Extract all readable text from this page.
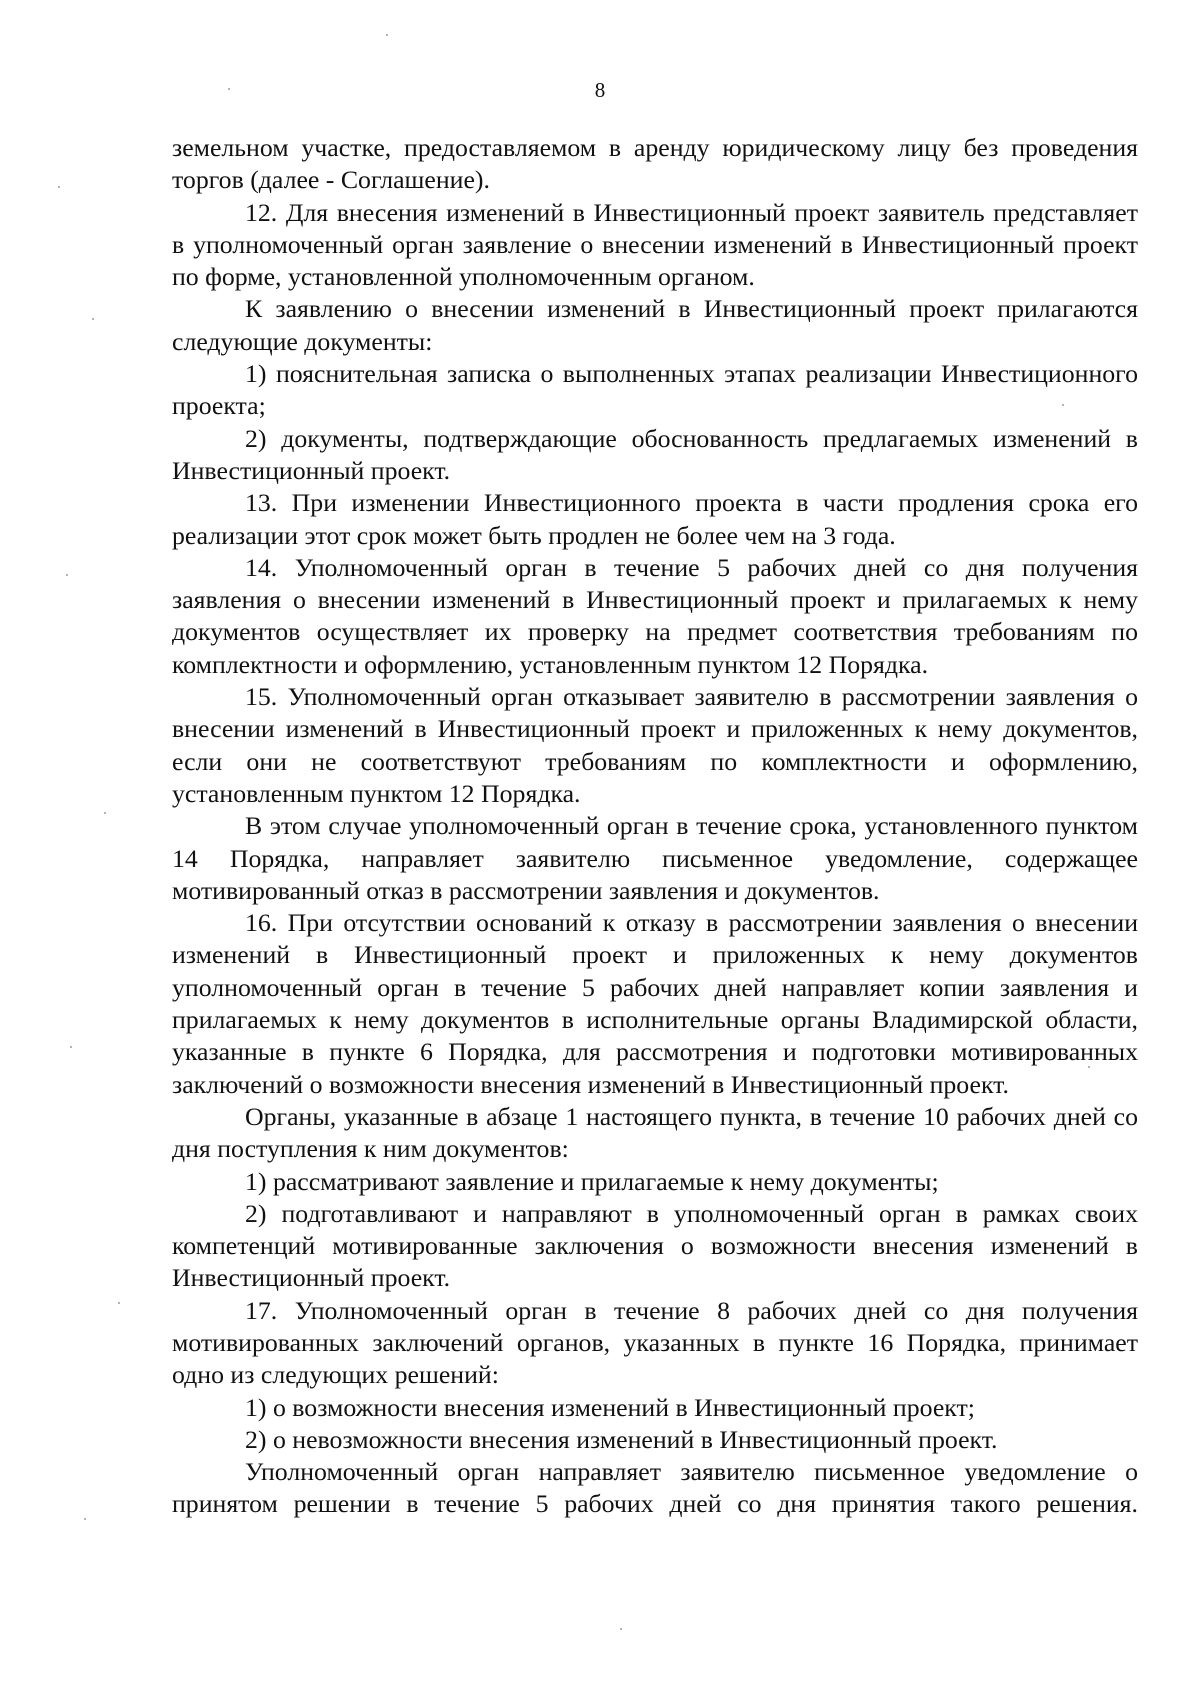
8

земельном участке, предоставляемом в аренду юридическому лицу без проведения торгов (далее - Соглашение).

12. Для внесения изменений в Инвестиционный проект заявитель представляет в уполномоченный орган заявление о внесении изменений в Инвестиционный проект по форме, установленной уполномоченным органом.

К заявлению о внесении изменений в Инвестиционный проект прилагаются следующие документы:

1) пояснительная записка о выполненных этапах реализации Инвестиционного проекта;

2) документы, подтверждающие обоснованность предлагаемых изменений в Инвестиционный проект.

13. При изменении Инвестиционного проекта в части продления срока его реализации этот срок может быть продлен не более чем на 3 года.

14. Уполномоченный орган в течение 5 рабочих дней со дня получения заявления о внесении изменений в Инвестиционный проект и прилагаемых к нему документов осуществляет их проверку на предмет соответствия требованиям по комплектности и оформлению, установленным пунктом 12 Порядка.

15. Уполномоченный орган отказывает заявителю в рассмотрении заявления о внесении изменений в Инвестиционный проект и приложенных к нему документов, если они не соответствуют требованиям по комплектности и оформлению, установленным пунктом 12 Порядка.

В этом случае уполномоченный орган в течение срока, установленного пунктом 14 Порядка, направляет заявителю письменное уведомление, содержащее мотивированный отказ в рассмотрении заявления и документов.

16. При отсутствии оснований к отказу в рассмотрении заявления о внесении изменений в Инвестиционный проект и приложенных к нему документов уполномоченный орган в течение 5 рабочих дней направляет копии заявления и прилагаемых к нему документов в исполнительные органы Владимирской области, указанные в пункте 6 Порядка, для рассмотрения и подготовки мотивированных заключений о возможности внесения изменений в Инвестиционный проект.

Органы, указанные в абзаце 1 настоящего пункта, в течение 10 рабочих дней со дня поступления к ним документов:

1) рассматривают заявление и прилагаемые к нему документы;

2) подготавливают и направляют в уполномоченный орган в рамках своих компетенций мотивированные заключения о возможности внесения изменений в Инвестиционный проект.

17. Уполномоченный орган в течение 8 рабочих дней со дня получения мотивированных заключений органов, указанных в пункте 16 Порядка, принимает одно из следующих решений:

1) о возможности внесения изменений в Инвестиционный проект;

2) о невозможности внесения изменений в Инвестиционный проект.

Уполномоченный орган направляет заявителю письменное уведомление о принятом решении в течение 5 рабочих дней со дня принятия такого решения.
